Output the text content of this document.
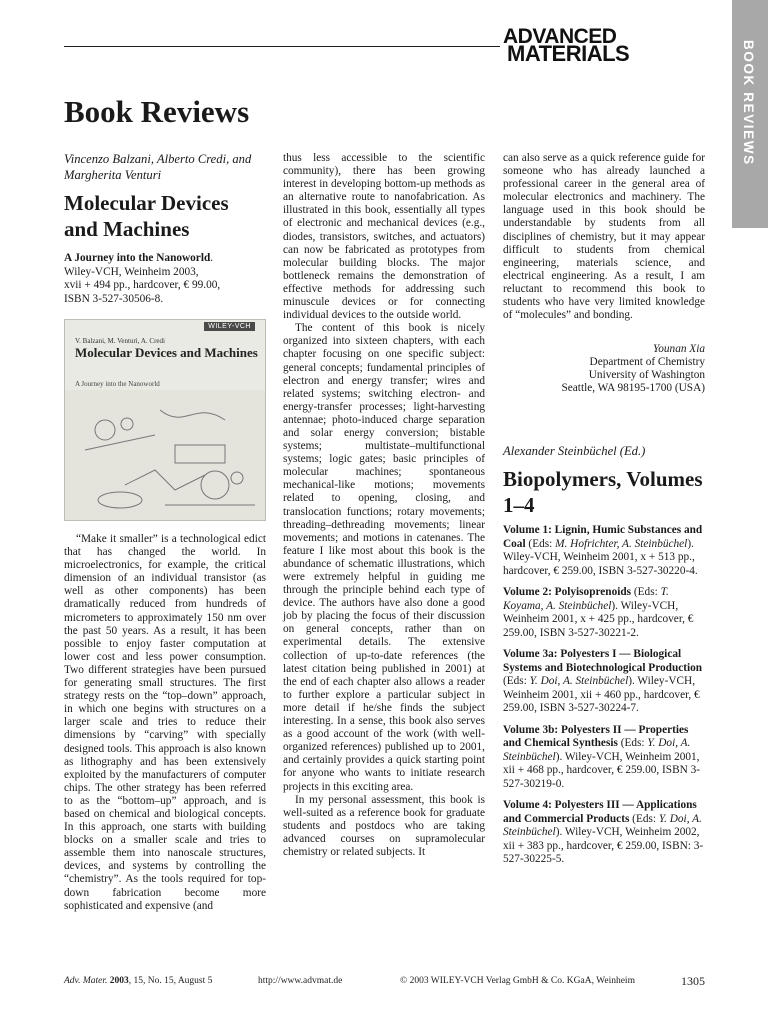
ADVANCED
MATERIALS	BOOK REVIEWS
Book Reviews

Vincenzo Balzani, Alberto Credi, and Margherita Venturi

Molecular Devices and Machines
A Journey into the Nanoworld.
Wiley-VCH, Weinheim 2003,
xvii + 494 pp., hardcover, € 99.00,
ISBN 3-527-30506-8.
WILEY-VCH
V. Balzani, M. Venturi, A. Credi
Molecular Devices and Machines
A Journey into the Nanoworld

“Make it smaller” is a technological edict that has changed the world. In microelectronics, for example, the critical dimension of an individual transistor (as well as other components) has been dramatically reduced from hundreds of micrometers to approximately 150 nm over the past 50 years. As a result, it has been possible to enjoy faster computation at lower cost and less power consumption. Two different strategies have been pursued for generating small structures. The first strategy rests on the “top–down” approach, in which one begins with structures on a larger scale and tries to reduce their dimensions by “carving” with specially designed tools. This approach is also known as lithography and has been extensively exploited by the manufacturers of computer chips. The other strategy has been referred to as the “bottom–up” approach, and is based on chemical and biological concepts. In this approach, one starts with building blocks on a smaller scale and tries to assemble them into nanoscale structures, devices, and systems by controlling the “chemistry”. As the tools required for top-down fabrication become more sophisticated and expensive (and

thus less accessible to the scientific community), there has been growing interest in developing bottom-up methods as an alternative route to nanofabrication. As illustrated in this book, essentially all types of electronic and mechanical devices (e.g., diodes, transistors, switches, and actuators) can now be fabricated as prototypes from molecular building blocks. The major bottleneck remains the demonstration of effective methods for addressing such minuscule devices or for connecting individual devices to the outside world.

The content of this book is nicely organized into sixteen chapters, with each chapter focusing on one specific subject: general concepts; fundamental principles of electron and energy transfer; wires and related systems; switching electron- and energy-transfer processes; light-harvesting antennae; photo-induced charge separation and solar energy conversion; bistable systems; multistate–multifunctional systems; logic gates; basic principles of molecular machines; spontaneous mechanical-like motions; movements related to opening, closing, and translocation functions; rotary movements; threading–dethreading movements; linear movements; and motions in catenanes. The feature I like most about this book is the abundance of schematic illustrations, which were extremely helpful in guiding me through the principle behind each type of device. The authors have also done a good job by placing the focus of their discussion on general concepts, rather than on experimental details. The extensive collection of up-to-date references (the latest citation being published in 2001) at the end of each chapter also allows a reader to further explore a particular subject in more detail if he/she finds the subject interesting. In a sense, this book also serves as a good account of the work (with well-organized references) published up to 2001, and certainly provides a quick starting point for anyone who wants to initiate research projects in this exciting area.

In my personal assessment, this book is well-suited as a reference book for graduate students and postdocs who are taking advanced courses on supramolecular chemistry or related subjects. It

can also serve as a quick reference guide for someone who has already launched a professional career in the general area of molecular electronics and machinery. The language used in this book should be understandable by students from all disciplines of chemistry, but it may appear difficult to students from chemical engineering, materials science, and electrical engineering. As a result, I am reluctant to recommend this book to students who have very limited knowledge of “molecules” and bonding.

Younan Xia
Department of Chemistry
University of Washington
Seattle, WA 98195-1700 (USA)

Alexander Steinbüchel (Ed.)

Biopolymers, Volumes 1–4
Volume 1: Lignin, Humic Substances and Coal (Eds: M. Hofrichter, A. Steinbüchel). Wiley-VCH, Weinheim 2001, x + 513 pp., hardcover, € 259.00, ISBN 3-527-30220-4.
Volume 2: Polyisoprenoids (Eds: T. Koyama, A. Steinbüchel). Wiley-VCH, Weinheim 2001, x + 425 pp., hardcover, € 259.00, ISBN 3-527-30221-2.
Volume 3a: Polyesters I — Biological Systems and Biotechnological Production (Eds: Y. Doi, A. Steinbüchel). Wiley-VCH, Weinheim 2001, xii + 460 pp., hardcover, € 259.00, ISBN 3-527-30224-7.
Volume 3b: Polyesters II — Properties and Chemical Synthesis (Eds: Y. Doi, A. Steinbüchel). Wiley-VCH, Weinheim 2001, xii + 468 pp., hardcover, € 259.00, ISBN 3-527-30219-0.
Volume 4: Polyesters III — Applications and Commercial Products (Eds: Y. Doi, A. Steinbüchel). Wiley-VCH, Weinheim 2002, xii + 383 pp., hardcover, € 259.00, ISBN: 3-527-30225-5.
Adv. Mater. 2003, 15, No. 15, August 5	http://www.advmat.de	© 2003 WILEY-VCH Verlag GmbH & Co. KGaA, Weinheim	1305
